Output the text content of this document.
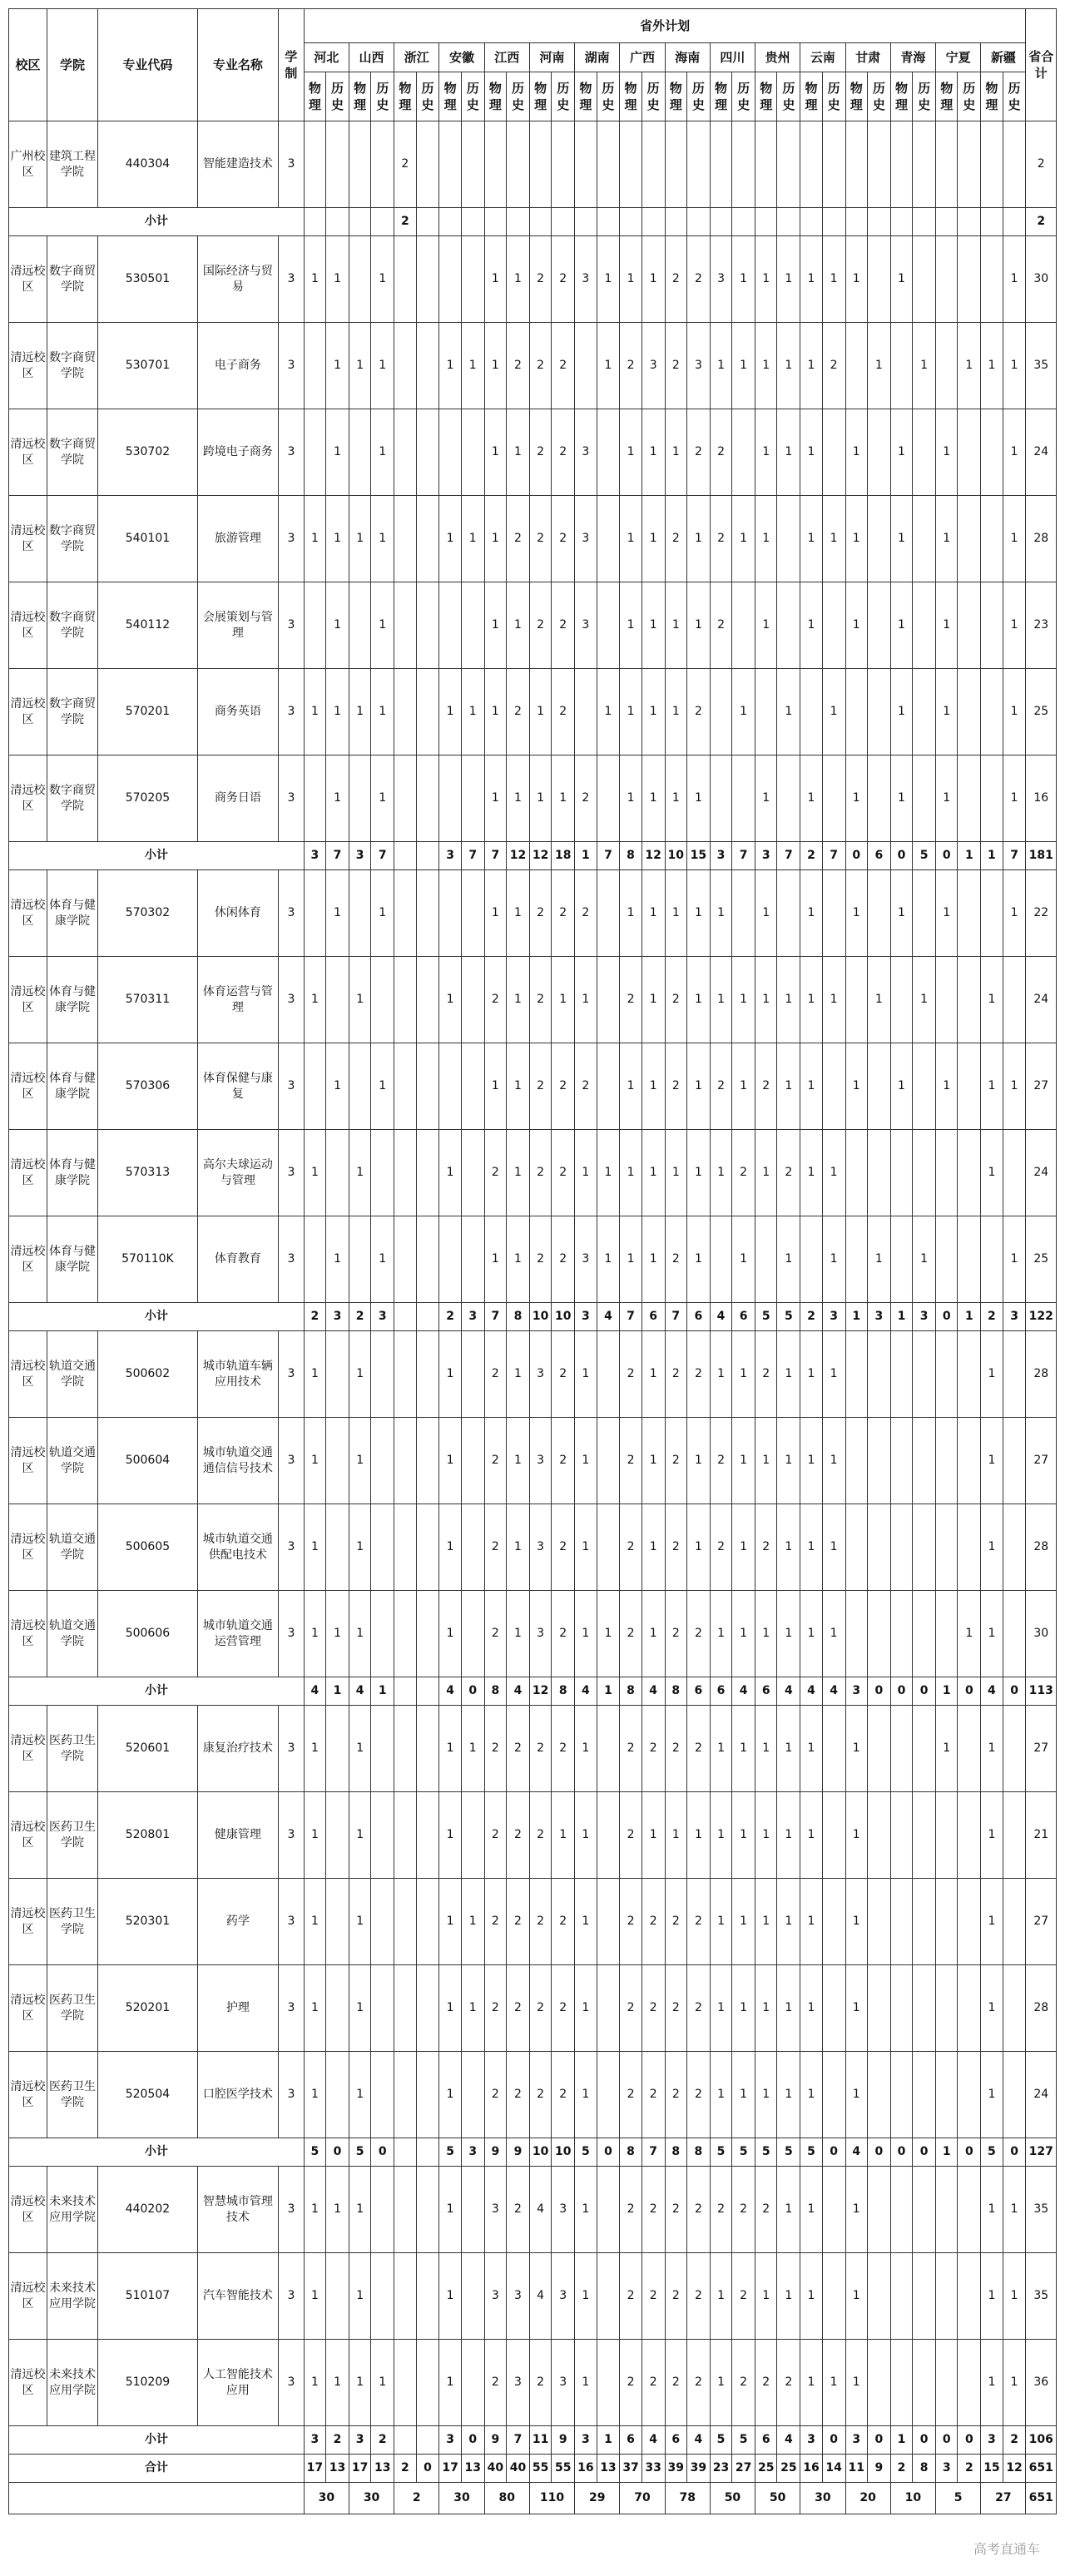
校区	学院	专业代码	专业名称	学制	省外计划																																省合计
					河北		山西		浙江		安徽		江西		河南		湖南		广西		海南		四川		贵州		云南		甘肃		青海		宁夏		新疆		
					物理	历史	物理	历史	物理	历史	物理	历史	物理	历史	物理	历史	物理	历史	物理	历史	物理	历史	物理	历史	物理	历史	物理	历史	物理	历史	物理	历史	物理	历史	物理	历史	
广州校区	建筑工程学院	440304	智能建造技术	3					2																												2
小计									2																												2
清远校区	数字商贸学院	530501	国际经济与贸易	3	1	1		1					1	1	2	2	3	1	1	1	2	2	3	1	1	1	1	1	1		1					1	30
清远校区	数字商贸学院	530701	电子商务	3		1	1	1			1	1	1	2	2	2		1	2	3	2	3	1	1	1	1	1	2		1		1		1	1	1	35
清远校区	数字商贸学院	530702	跨境电子商务	3		1		1					1	1	2	2	3		1	1	1	2	2		1	1	1		1		1		1			1	24
清远校区	数字商贸学院	540101	旅游管理	3	1	1	1	1			1	1	1	2	2	2	3		1	1	2	1	2	1	1		1	1	1		1		1			1	28
清远校区	数字商贸学院	540112	会展策划与管理	3		1		1					1	1	2	2	3		1	1	1	1	2		1		1		1		1		1			1	23
清远校区	数字商贸学院	570201	商务英语	3	1	1	1	1			1	1	1	2	1	2		1	1	1	1	2		1		1		1			1		1			1	25
清远校区	数字商贸学院	570205	商务日语	3		1		1					1	1	1	1	2		1	1	1	1			1		1		1		1		1			1	16
小计					3	7	3	7			3	7	7	12	12	18	1	7	8	12	10	15	3	7	3	7	2	7	0	6	0	5	0	1	1	7	181
清远校区	体育与健康学院	570302	休闲体育	3		1		1					1	1	2	2	2		1	1	1	1	1		1		1		1		1		1			1	22
清远校区	体育与健康学院	570311	体育运营与管理	3	1		1				1		2	1	2	1	1		2	1	2	1	1	1	1	1	1	1		1		1			1		24
清远校区	体育与健康学院	570306	体育保健与康复	3		1		1					1	1	2	2	2		1	1	2	1	2	1	2	1	1		1		1		1		1	1	27
清远校区	体育与健康学院	570313	高尔夫球运动与管理	3	1		1				1		2	1	2	2	1	1	1	1	1	1	1	2	1	2	1	1							1		24
清远校区	体育与健康学院	570110K	体育教育	3		1		1					1	1	2	2	3	1	1	1	2	1		1		1		1		1		1				1	25
小计					2	3	2	3			2	3	7	8	10	10	3	4	7	6	7	6	4	6	5	5	2	3	1	3	1	3	0	1	2	3	122
清远校区	轨道交通学院	500602	城市轨道车辆应用技术	3	1		1				1		2	1	3	2	1		2	1	2	2	1	1	2	1	1	1							1		28
清远校区	轨道交通学院	500604	城市轨道交通通信信号技术	3	1		1				1		2	1	3	2	1		2	1	2	1	2	1	1	1	1	1							1		27
清远校区	轨道交通学院	500605	城市轨道交通供配电技术	3	1		1				1		2	1	3	2	1		2	1	2	1	2	1	2	1	1	1							1		28
清远校区	轨道交通学院	500606	城市轨道交通运营管理	3	1	1	1				1		2	1	3	2	1	1	2	1	2	2	1	1	1	1	1	1						1	1		30
小计					4	1	4	1			4	0	8	4	12	8	4	1	8	4	8	6	6	4	6	4	4	4	3	0	0	0	1	0	4	0	113
清远校区	医药卫生学院	520601	康复治疗技术	3	1		1				1	1	2	2	2	2	1		2	2	2	2	1	1	1	1	1		1				1		1		27
清远校区	医药卫生学院	520801	健康管理	3	1		1				1		2	2	2	1	1		2	1	1	1	1	1	1	1	1		1						1		21
清远校区	医药卫生学院	520301	药学	3	1		1				1	1	2	2	2	2	1		2	2	2	2	1	1	1	1	1		1						1		27
清远校区	医药卫生学院	520201	护理	3	1		1				1	1	2	2	2	2	1		2	2	2	2	1	1	1	1	1		1						1		28
清远校区	医药卫生学院	520504	口腔医学技术	3	1		1				1		2	2	2	2	1		2	2	2	2	1	1	1	1	1		1						1		24
小计					5	0	5	0			5	3	9	9	10	10	5	0	8	7	8	8	5	5	5	5	5	0	4	0	0	0	1	0	5	0	127
清远校区	未来技术应用学院	440202	智慧城市管理技术	3	1	1	1				1		3	2	4	3	1		2	2	2	2	2	2	2	1	1		1						1	1	35
清远校区	未来技术应用学院	510107	汽车智能技术	3	1		1				1		3	3	4	3	1		2	2	2	2	1	2	1	1	1		1						1	1	35
清远校区	未来技术应用学院	510209	人工智能技术应用	3	1	1	1	1			1		2	3	2	3	1		2	2	2	2	1	2	2	2	1	1	1						1	1	36
小计					3	2	3	2			3	0	9	7	11	9	3	1	6	4	6	4	5	5	6	4	3	0	3	0	1	0	0	0	3	2	106
合计					17	13	17	13	2	0	17	13	40	40	55	55	16	13	37	33	39	39	23	27	25	25	16	14	11	9	2	8	3	2	15	12	651
					30		30		2		30		80		110		29		70		78		50		50		30		20		10		5		27		651
高考直通车
